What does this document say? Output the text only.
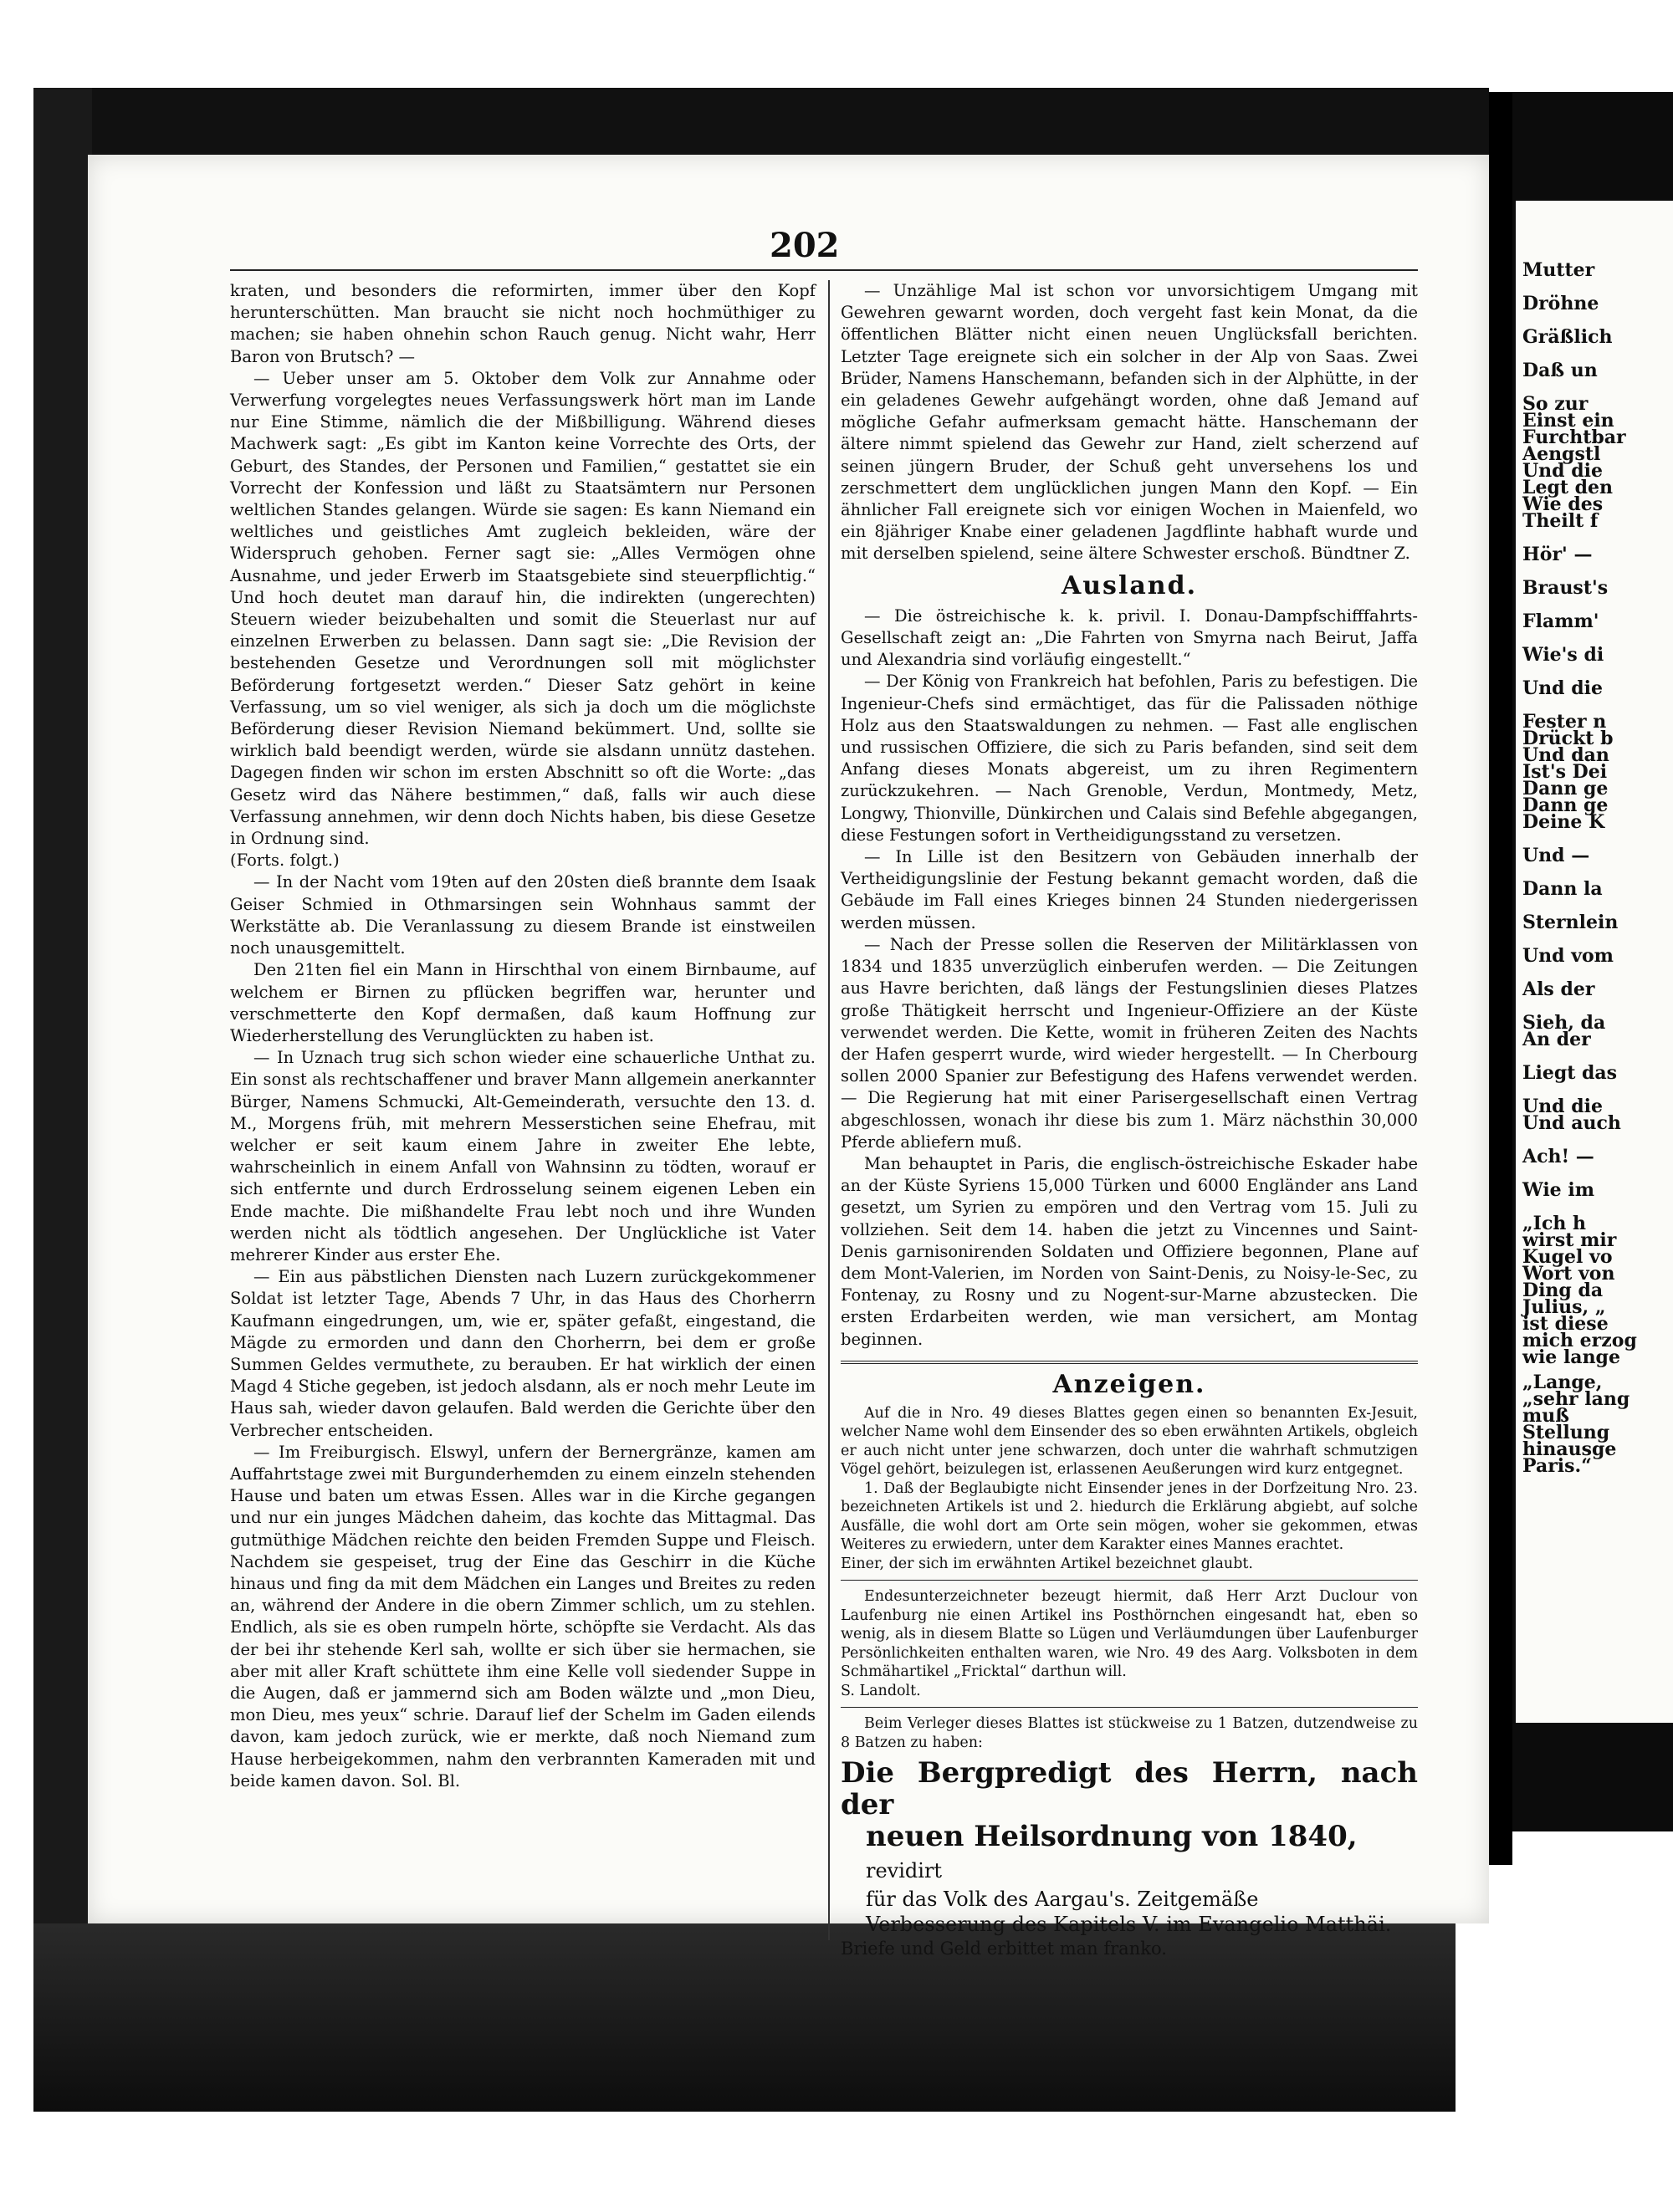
Mutter
Dröhne
Gräßlich
Daß un
So zur
Einst ein
Furchtbar
Aengstl
Und die
Legt den
Wie des
Theilt f
Hör' —
Braust's
Flamm'
Wie's di
Und die
Fester n
Drückt b
Und dan
Ist's Dei
Dann ge
Dann ge
Deine K
Und —
Dann la
Sternlein
Und vom
Als der
Sieh, da
An der
Liegt das
Und die
Und auch
Ach! —
Wie im
„Ich h
wirst mir
Kugel vo
Wort von
Ding da
Julius, „
ist diese
mich erzog
wie lange
„Lange,
„sehr lang
muß
Stellung
hinausge
Paris.“
202

kraten, und besonders die reformirten, immer über den Kopf herunterschütten. Man braucht sie nicht noch hochmüthiger zu machen; sie haben ohnehin schon Rauch genug. Nicht wahr, Herr Baron von Brutsch? —

— Ueber unser am 5. Oktober dem Volk zur Annahme oder Verwerfung vorgelegtes neues Verfassungswerk hört man im Lande nur Eine Stimme, nämlich die der Mißbilligung. Während dieses Machwerk sagt: „Es gibt im Kanton keine Vorrechte des Orts, der Geburt, des Standes, der Personen und Familien,“ gestattet sie ein Vorrecht der Konfession und läßt zu Staatsämtern nur Personen weltlichen Standes gelangen. Würde sie sagen: Es kann Niemand ein weltliches und geistliches Amt zugleich bekleiden, wäre der Widerspruch gehoben. Ferner sagt sie: „Alles Vermögen ohne Ausnahme, und jeder Erwerb im Staatsgebiete sind steuerpflichtig.“ Und hoch deutet man darauf hin, die indirekten (ungerechten) Steuern wieder beizubehalten und somit die Steuerlast nur auf einzelnen Erwerben zu belassen. Dann sagt sie: „Die Revision der bestehenden Gesetze und Verordnungen soll mit möglichster Beförderung fortgesetzt werden.“ Dieser Satz gehört in keine Verfassung, um so viel weniger, als sich ja doch um die möglichste Beförderung dieser Revision Niemand bekümmert. Und, sollte sie wirklich bald beendigt werden, würde sie alsdann unnütz dastehen. Dagegen finden wir schon im ersten Abschnitt so oft die Worte: „das Gesetz wird das Nähere bestimmen,“ daß, falls wir auch diese Verfassung annehmen, wir denn doch Nichts haben, bis diese Gesetze in Ordnung sind.

(Forts. folgt.)

— In der Nacht vom 19ten auf den 20sten dieß brannte dem Isaak Geiser Schmied in Othmarsingen sein Wohnhaus sammt der Werkstätte ab. Die Veranlassung zu diesem Brande ist einstweilen noch unausgemittelt.

Den 21ten fiel ein Mann in Hirschthal von einem Birnbaume, auf welchem er Birnen zu pflücken begriffen war, herunter und verschmetterte den Kopf dermaßen, daß kaum Hoffnung zur Wiederherstellung des Verunglückten zu haben ist.

— In Uznach trug sich schon wieder eine schauerliche Unthat zu. Ein sonst als rechtschaffener und braver Mann allgemein anerkannter Bürger, Namens Schmucki, Alt-Gemeinderath, versuchte den 13. d. M., Morgens früh, mit mehrern Messerstichen seine Ehefrau, mit welcher er seit kaum einem Jahre in zweiter Ehe lebte, wahrscheinlich in einem Anfall von Wahnsinn zu tödten, worauf er sich entfernte und durch Erdrosselung seinem eigenen Leben ein Ende machte. Die mißhandelte Frau lebt noch und ihre Wunden werden nicht als tödtlich angesehen. Der Unglückliche ist Vater mehrerer Kinder aus erster Ehe.

— Ein aus päbstlichen Diensten nach Luzern zurückgekommener Soldat ist letzter Tage, Abends 7 Uhr, in das Haus des Chorherrn Kaufmann eingedrungen, um, wie er, später gefaßt, eingestand, die Mägde zu ermorden und dann den Chorherrn, bei dem er große Summen Geldes vermuthete, zu berauben. Er hat wirklich der einen Magd 4 Stiche gegeben, ist jedoch alsdann, als er noch mehr Leute im Haus sah, wieder davon gelaufen. Bald werden die Gerichte über den Verbrecher entscheiden.

— Im Freiburgisch. Elswyl, unfern der Bernergränze, kamen am Auffahrtstage zwei mit Burgunderhemden zu einem einzeln stehenden Hause und baten um etwas Essen. Alles war in die Kirche gegangen und nur ein junges Mädchen daheim, das kochte das Mittagmal. Das gutmüthige Mädchen reichte den beiden Fremden Suppe und Fleisch. Nachdem sie gespeiset, trug der Eine das Geschirr in die Küche hinaus und fing da mit dem Mädchen ein Langes und Breites zu reden an, während der Andere in die obern Zimmer schlich, um zu stehlen. Endlich, als sie es oben rumpeln hörte, schöpfte sie Verdacht. Als das der bei ihr stehende Kerl sah, wollte er sich über sie hermachen, sie aber mit aller Kraft schüttete ihm eine Kelle voll siedender Suppe in die Augen, daß er jammernd sich am Boden wälzte und „mon Dieu, mon Dieu, mes yeux“ schrie. Darauf lief der Schelm im Gaden eilends davon, kam jedoch zurück, wie er merkte, daß noch Niemand zum Hause herbeigekommen, nahm den verbrannten Kameraden mit und beide kamen davon. Sol. Bl.

— Unzählige Mal ist schon vor unvorsichtigem Umgang mit Gewehren gewarnt worden, doch vergeht fast kein Monat, da die öffentlichen Blätter nicht einen neuen Unglücksfall berichten. Letzter Tage ereignete sich ein solcher in der Alp von Saas. Zwei Brüder, Namens Hanschemann, befanden sich in der Alphütte, in der ein geladenes Gewehr aufgehängt worden, ohne daß Jemand auf mögliche Gefahr aufmerksam gemacht hätte. Hanschemann der ältere nimmt spielend das Gewehr zur Hand, zielt scherzend auf seinen jüngern Bruder, der Schuß geht unversehens los und zerschmettert dem unglücklichen jungen Mann den Kopf. — Ein ähnlicher Fall ereignete sich vor einigen Wochen in Maienfeld, wo ein 8jähriger Knabe einer geladenen Jagdflinte habhaft wurde und mit derselben spielend, seine ältere Schwester erschoß. Bündtner Z.

Ausland.

— Die östreichische k. k. privil. I. Donau-Dampfschifffahrts-Gesellschaft zeigt an: „Die Fahrten von Smyrna nach Beirut, Jaffa und Alexandria sind vorläufig eingestellt.“

— Der König von Frankreich hat befohlen, Paris zu befestigen. Die Ingenieur-Chefs sind ermächtiget, das für die Palissaden nöthige Holz aus den Staatswaldungen zu nehmen. — Fast alle englischen und russischen Offiziere, die sich zu Paris befanden, sind seit dem Anfang dieses Monats abgereist, um zu ihren Regimentern zurückzukehren. — Nach Grenoble, Verdun, Montmedy, Metz, Longwy, Thionville, Dünkirchen und Calais sind Befehle abgegangen, diese Festungen sofort in Vertheidigungsstand zu versetzen.

— In Lille ist den Besitzern von Gebäuden innerhalb der Vertheidigungslinie der Festung bekannt gemacht worden, daß die Gebäude im Fall eines Krieges binnen 24 Stunden niedergerissen werden müssen.

— Nach der Presse sollen die Reserven der Militärklassen von 1834 und 1835 unverzüglich einberufen werden. — Die Zeitungen aus Havre berichten, daß längs der Festungslinien dieses Platzes große Thätigkeit herrscht und Ingenieur-Offiziere an der Küste verwendet werden. Die Kette, womit in früheren Zeiten des Nachts der Hafen gesperrt wurde, wird wieder hergestellt. — In Cherbourg sollen 2000 Spanier zur Befestigung des Hafens verwendet werden. — Die Regierung hat mit einer Parisergesellschaft einen Vertrag abgeschlossen, wonach ihr diese bis zum 1. März nächsthin 30,000 Pferde abliefern muß.

Man behauptet in Paris, die englisch-östreichische Eskader habe an der Küste Syriens 15,000 Türken und 6000 Engländer ans Land gesetzt, um Syrien zu empören und den Vertrag vom 15. Juli zu vollziehen. Seit dem 14. haben die jetzt zu Vincennes und Saint-Denis garnisonirenden Soldaten und Offiziere begonnen, Plane auf dem Mont-Valerien, im Norden von Saint-Denis, zu Noisy-le-Sec, zu Fontenay, zu Rosny und zu Nogent-sur-Marne abzustecken. Die ersten Erdarbeiten werden, wie man versichert, am Montag beginnen.

Anzeigen.

Auf die in Nro. 49 dieses Blattes gegen einen so benannten Ex-Jesuit, welcher Name wohl dem Einsender des so eben erwähnten Artikels, obgleich er auch nicht unter jene schwarzen, doch unter die wahrhaft schmutzigen Vögel gehört, beizulegen ist, erlassenen Aeußerungen wird kurz entgegnet.

1. Daß der Beglaubigte nicht Einsender jenes in der Dorfzeitung Nro. 23. bezeichneten Artikels ist und 2. hiedurch die Erklärung abgiebt, auf solche Ausfälle, die wohl dort am Orte sein mögen, woher sie gekommen, etwas Weiteres zu erwiedern, unter dem Karakter eines Mannes erachtet.

Einer, der sich im erwähnten Artikel bezeichnet glaubt.

Endesunterzeichneter bezeugt hiermit, daß Herr Arzt Duclour von Laufenburg nie einen Artikel ins Posthörnchen eingesandt hat, eben so wenig, als in diesem Blatte so Lügen und Verläumdungen über Laufenburger Persönlichkeiten enthalten waren, wie Nro. 49 des Aarg. Volksboten in dem Schmähartikel „Fricktal“ darthun will.

S. Landolt.

Beim Verleger dieses Blattes ist stückweise zu 1 Batzen, dutzendweise zu 8 Batzen zu haben:

Die Bergpredigt des Herrn, nach der
neuen Heilsordnung von 1840, revidirt
für das Volk des Aargau's. Zeitgemäße
Verbesserung des Kapitels V. im Evangelio Matthäi.
Briefe und Geld erbittet man franko.
